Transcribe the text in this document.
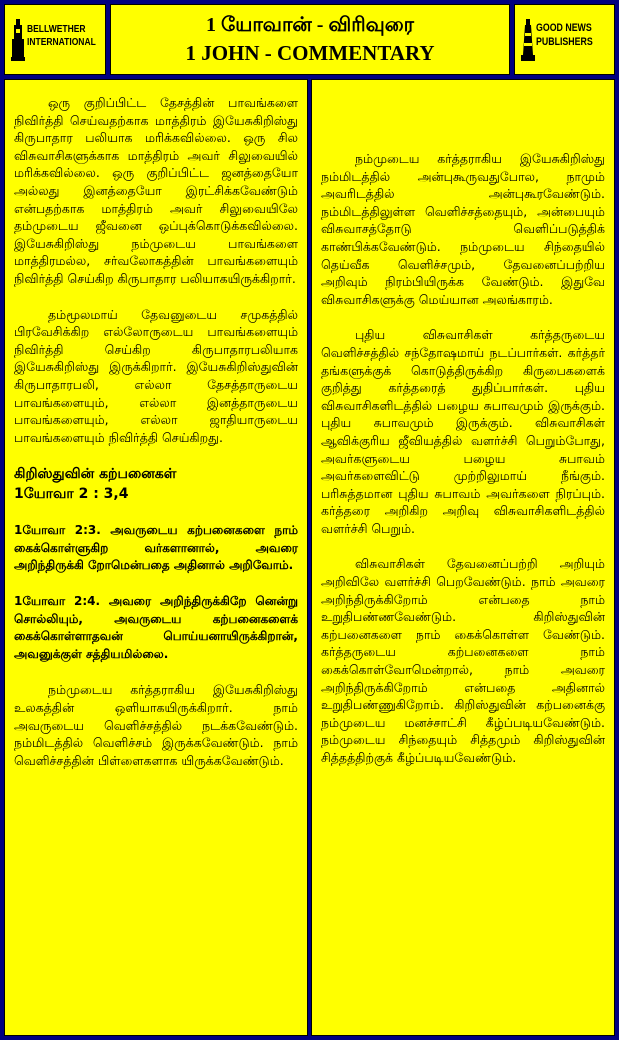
BELLWETHER
INTERNATIONAL
1 யோவான் - விரிவுரை
1 JOHN - COMMENTARY
GOOD NEWS
PUBLISHERS

ஒரு குறிப்பிட்ட தேசத்தின் பாவங்களை நிவிர்த்தி செய்வதற்காக மாத்திரம் இயேசுகிறிஸ்து கிருபாதார பலியாக மரிக்கவில்லை. ஒரு சில விசுவாசிகளுக்காக மாத்திரம் அவர் சிலுவையில் மரிக்கவில்லை. ஒரு குறிப்பிட்ட ஜனத்தையோ அல்லது இனத்தையோ இரட்சிக்கவேண்டும் என்பதற்காக மாத்திரம் அவர் சிலுவையிலே தம்முடைய ஜீவனை ஒப்புக்கொடுக்கவில்லை. இயேசுகிறிஸ்து நம்முடைய பாவங்களை மாத்திரமல்ல, சர்வலோகத்தின் பாவங்களையும் நிவிர்த்தி செய்கிற கிருபாதார பலியாகயிருக்கிறார்.

தம்மூலமாய் தேவனுடைய சமுகத்தில் பிரவேசிக்கிற எல்லோருடைய பாவங்களையும் நிவிர்த்தி செய்கிற கிருபாதாரபலியாக இயேசுகிறிஸ்து இருக்கிறார். இயேசுகிறிஸ்துவின் கிருபாதாரபலி, எல்லா தேசத்தாருடைய பாவங்களையும், எல்லா இனத்தாருடைய பாவங்களையும், எல்லா ஜாதியாருடைய பாவங்களையும் நிவிர்த்தி செய்கிறது.

கிறிஸ்துவின் கற்பனைகள்
1யோவா 2 : 3,4

1யோவா 2:3. அவருடைய கற்பனைகளை நாம் கைக்கொள்ளுகிற வர்களானால், அவரை அறிந்திருக்கி றோமென்பதை அதினால் அறிவோம்.

1யோவா 2:4. அவரை அறிந்திருக்கிறே னென்று சொல்லியும், அவருடைய கற்பனைகளைக் கைக்கொள்ளாதவன் பொய்யனாயிருக்கிறான், அவனுக்குள் சத்தியமில்லை.

நம்முடைய கர்த்தராகிய இயேசுகிறிஸ்து உலகத்தின் ஒளியாகயிருக்கிறார். நாம் அவருடைய வெளிச்சத்தில் நடக்கவேண்டும். நம்மிடத்தில் வெளிச்சம் இருக்கவேண்டும். நாம் வெளிச்சத்தின் பிள்ளைகளாக யிருக்கவேண்டும்.

நம்முடைய கர்த்தராகிய இயேசுகிறிஸ்து நம்மிடத்தில் அன்புகூருவதுபோல, நாமும் அவரிடத்தில் அன்புகூரவேண்டும். நம்மிடத்திலுள்ள வெளிச்சத்தையும், அன்பையும் விசுவாசத்தோடு வெளிப்படுத்திக் காண்பிக்கவேண்டும். நம்முடைய சிந்தையில் தெய்வீக வெளிச்சமும், தேவனைப்பற்றிய அறிவும் நிரம்பியிருக்க வேண்டும். இதுவே விசுவாசிகளுக்கு மெய்யான அலங்காரம்.

புதிய விசுவாசிகள் கர்த்தருடைய வெளிச்சத்தில் சந்தோஷமாய் நடப்பார்கள். கர்த்தர் தங்களுக்குக் கொடுத்திருக்கிற கிருபைகளைக் குறித்து கர்த்தரைத் துதிப்பார்கள். புதிய விசுவாசிகளிடத்தில் பழைய சுபாவமும் இருக்கும். புதிய சுபாவமும் இருக்கும். விசுவாசிகள் ஆவிக்குரிய ஜீவியத்தில் வளர்ச்சி பெறும்போது, அவர்களுடைய பழைய சுபாவம் அவர்களைவிட்டு முற்றிலுமாய் நீங்கும். பரிசுத்தமான புதிய சுபாவம் அவர்களை நிரப்பும். கர்த்தரை அறிகிற அறிவு விசுவாசிகளிடத்தில் வளர்ச்சி பெறும்.

விசுவாசிகள் தேவனைப்பற்றி அறியும் அறிவிலே வளர்ச்சி பெறவேண்டும். நாம் அவரை அறிந்திருக்கிறோம் என்பதை நாம் உறுதிபண்ணவேண்டும். கிறிஸ்துவின் கற்பனைகளை நாம் கைக்கொள்ள வேண்டும். கர்த்தருடைய கற்பனைகளை நாம் கைக்கொள்வோமென்றால், நாம் அவரை அறிந்திருக்கிறோம் என்பதை அதினால் உறுதிபண்ணுகிறோம். கிறிஸ்துவின் கற்பனைக்கு நம்முடைய மனச்சாட்சி கீழ்ப்படியவேண்டும். நம்முடைய சிந்தையும் சித்தமும் கிறிஸ்துவின் சித்தத்திற்குக் கீழ்ப்படியவேண்டும்.
